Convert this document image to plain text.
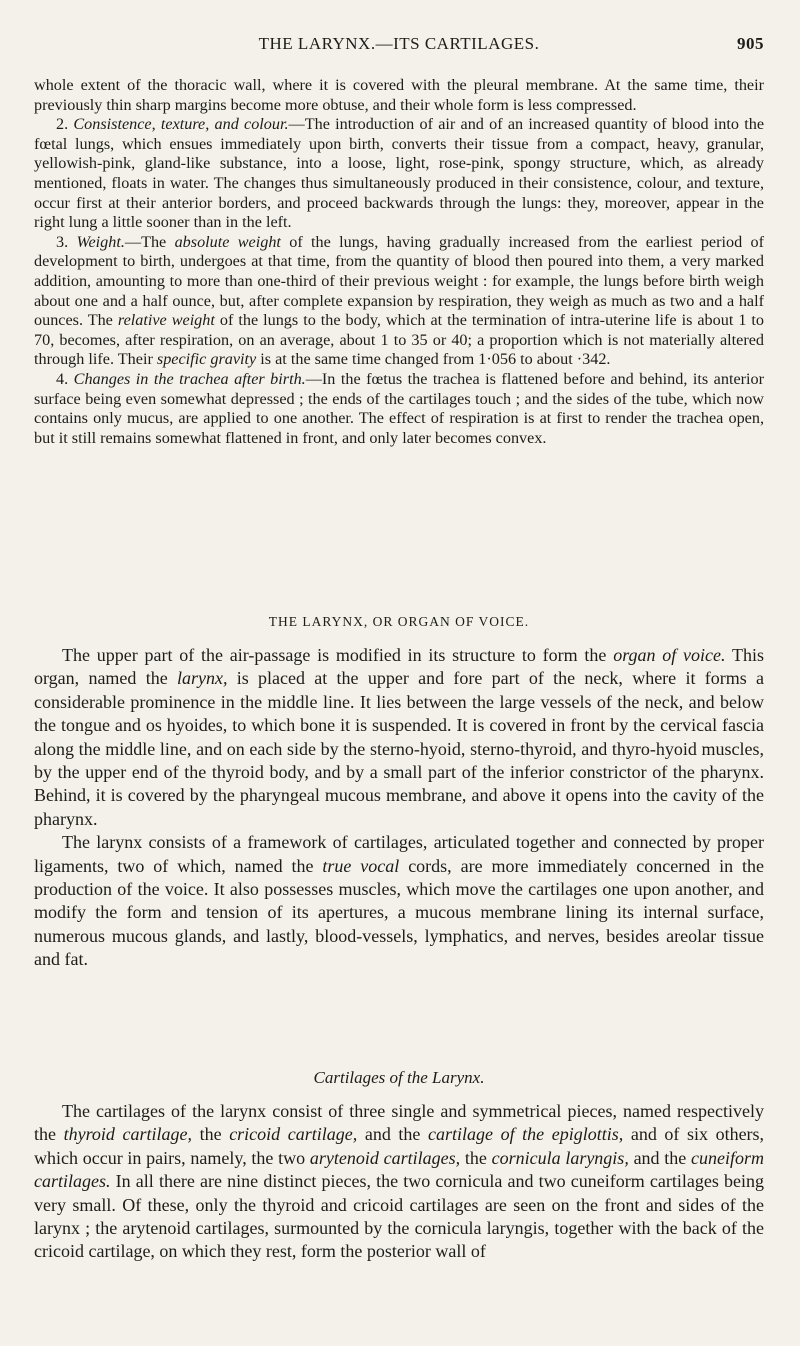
THE LARYNX.—ITS CARTILAGES.	905

whole extent of the thoracic wall, where it is covered with the pleural membrane. At the same time, their previously thin sharp margins become more obtuse, and their whole form is less compressed.

2. Consistence, texture, and colour.—The introduction of air and of an increased quantity of blood into the fœtal lungs, which ensues immediately upon birth, converts their tissue from a compact, heavy, granular, yellowish-pink, gland-like substance, into a loose, light, rose-pink, spongy structure, which, as already mentioned, floats in water. The changes thus simultaneously produced in their consistence, colour, and texture, occur first at their anterior borders, and proceed backwards through the lungs: they, moreover, appear in the right lung a little sooner than in the left.

3. Weight.—The absolute weight of the lungs, having gradually increased from the earliest period of development to birth, undergoes at that time, from the quantity of blood then poured into them, a very marked addition, amounting to more than one-third of their previous weight : for example, the lungs before birth weigh about one and a half ounce, but, after complete expansion by respiration, they weigh as much as two and a half ounces. The relative weight of the lungs to the body, which at the termination of intra-uterine life is about 1 to 70, becomes, after respiration, on an average, about 1 to 35 or 40; a proportion which is not materially altered through life. Their specific gravity is at the same time changed from 1·056 to about ·342.

4. Changes in the trachea after birth.—In the fœtus the trachea is flattened before and behind, its anterior surface being even somewhat depressed ; the ends of the cartilages touch ; and the sides of the tube, which now contains only mucus, are applied to one another. The effect of respiration is at first to render the trachea open, but it still remains somewhat flattened in front, and only later becomes convex.

THE LARYNX, OR ORGAN OF VOICE.

The upper part of the air-passage is modified in its structure to form the organ of voice. This organ, named the larynx, is placed at the upper and fore part of the neck, where it forms a considerable prominence in the middle line. It lies between the large vessels of the neck, and below the tongue and os hyoides, to which bone it is suspended. It is covered in front by the cervical fascia along the middle line, and on each side by the sterno-hyoid, sterno-thyroid, and thyro-hyoid muscles, by the upper end of the thyroid body, and by a small part of the inferior constrictor of the pharynx. Behind, it is covered by the pharyngeal mucous membrane, and above it opens into the cavity of the pharynx.

The larynx consists of a framework of cartilages, articulated together and connected by proper ligaments, two of which, named the true vocal cords, are more immediately concerned in the production of the voice. It also possesses muscles, which move the cartilages one upon another, and modify the form and tension of its apertures, a mucous membrane lining its internal surface, numerous mucous glands, and lastly, blood-vessels, lymphatics, and nerves, besides areolar tissue and fat.

Cartilages of the Larynx.

The cartilages of the larynx consist of three single and symmetrical pieces, named respectively the thyroid cartilage, the cricoid cartilage, and the cartilage of the epiglottis, and of six others, which occur in pairs, namely, the two arytenoid cartilages, the cornicula laryngis, and the cuneiform cartilages. In all there are nine distinct pieces, the two cornicula and two cuneiform cartilages being very small. Of these, only the thyroid and cricoid cartilages are seen on the front and sides of the larynx ; the arytenoid cartilages, surmounted by the cornicula laryngis, together with the back of the cricoid cartilage, on which they rest, form the posterior wall of
